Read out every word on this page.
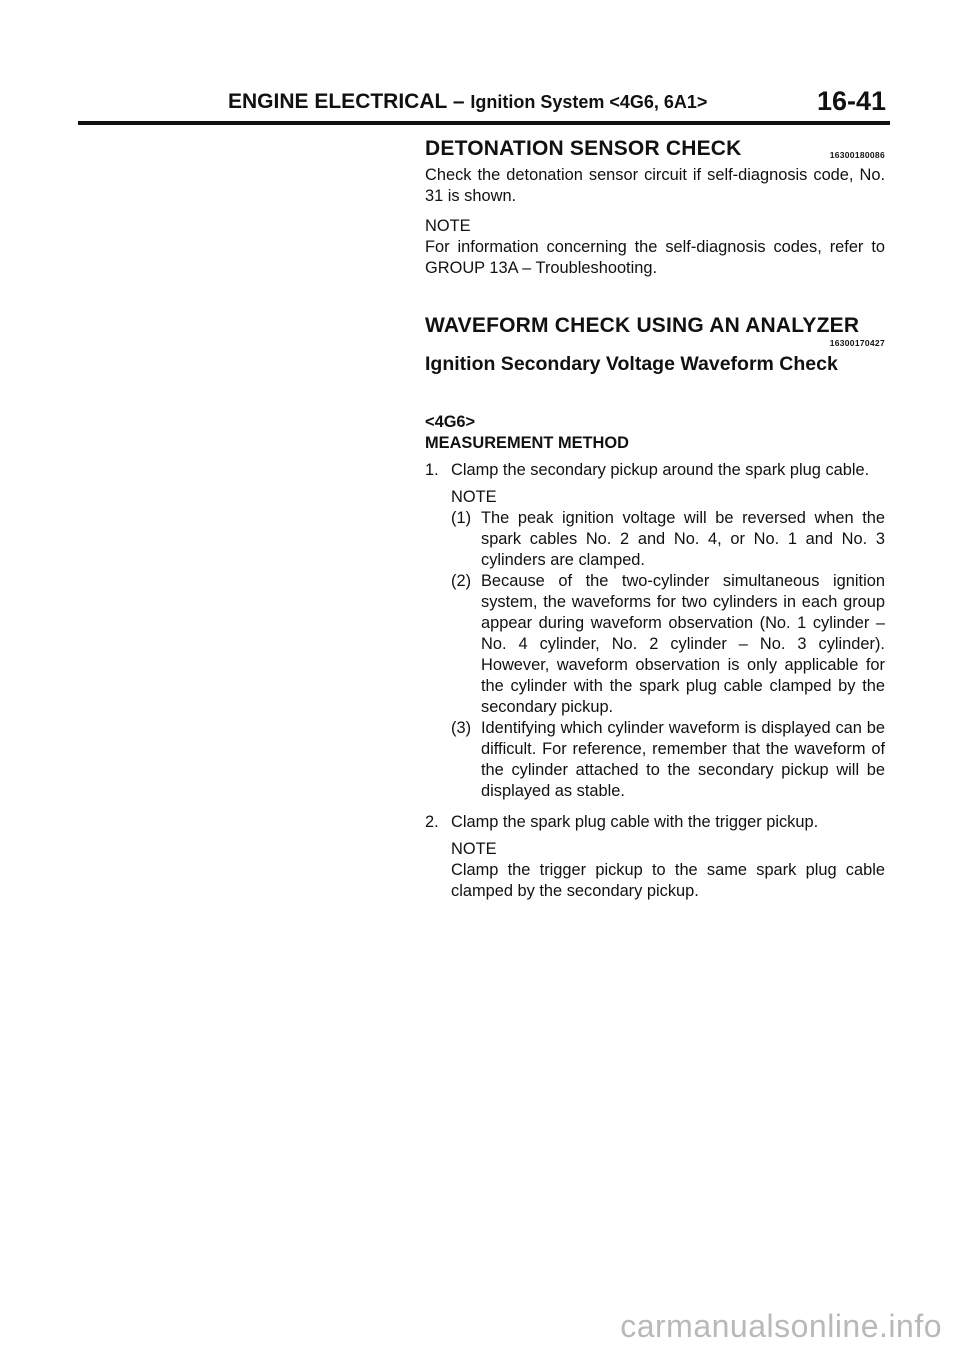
ENGINE ELECTRICAL – Ignition System <4G6, 6A1>	16-41
DETONATION SENSOR CHECK	16300180086

Check the detonation sensor circuit if self-diagnosis code, No. 31 is shown.

NOTE

For information concerning the self-diagnosis codes, refer to GROUP 13A – Troubleshooting.

WAVEFORM CHECK USING AN ANALYZER
16300170427
Ignition Secondary Voltage Waveform Check

<4G6>

MEASUREMENT METHOD

1. Clamp the secondary pickup around the spark plug cable.

NOTE

(1) The peak ignition voltage will be reversed when the spark cables No. 2 and No. 4, or No. 1 and No. 3 cylinders are clamped.
(2) Because of the two-cylinder simultaneous ignition system, the waveforms for two cylinders in each group appear during waveform observation (No. 1 cylinder – No. 4 cylinder, No. 2 cylinder – No. 3 cylinder). However, waveform observation is only applicable for the cylinder with the spark plug cable clamped by the secondary pickup.
(3) Identifying which cylinder waveform is displayed can be difficult. For reference, remember that the waveform of the cylinder attached to the secondary pickup will be displayed as stable.
2. Clamp the spark plug cable with the trigger pickup.

NOTE

Clamp the trigger pickup to the same spark plug cable clamped by the secondary pickup.

carmanualsonline.info
